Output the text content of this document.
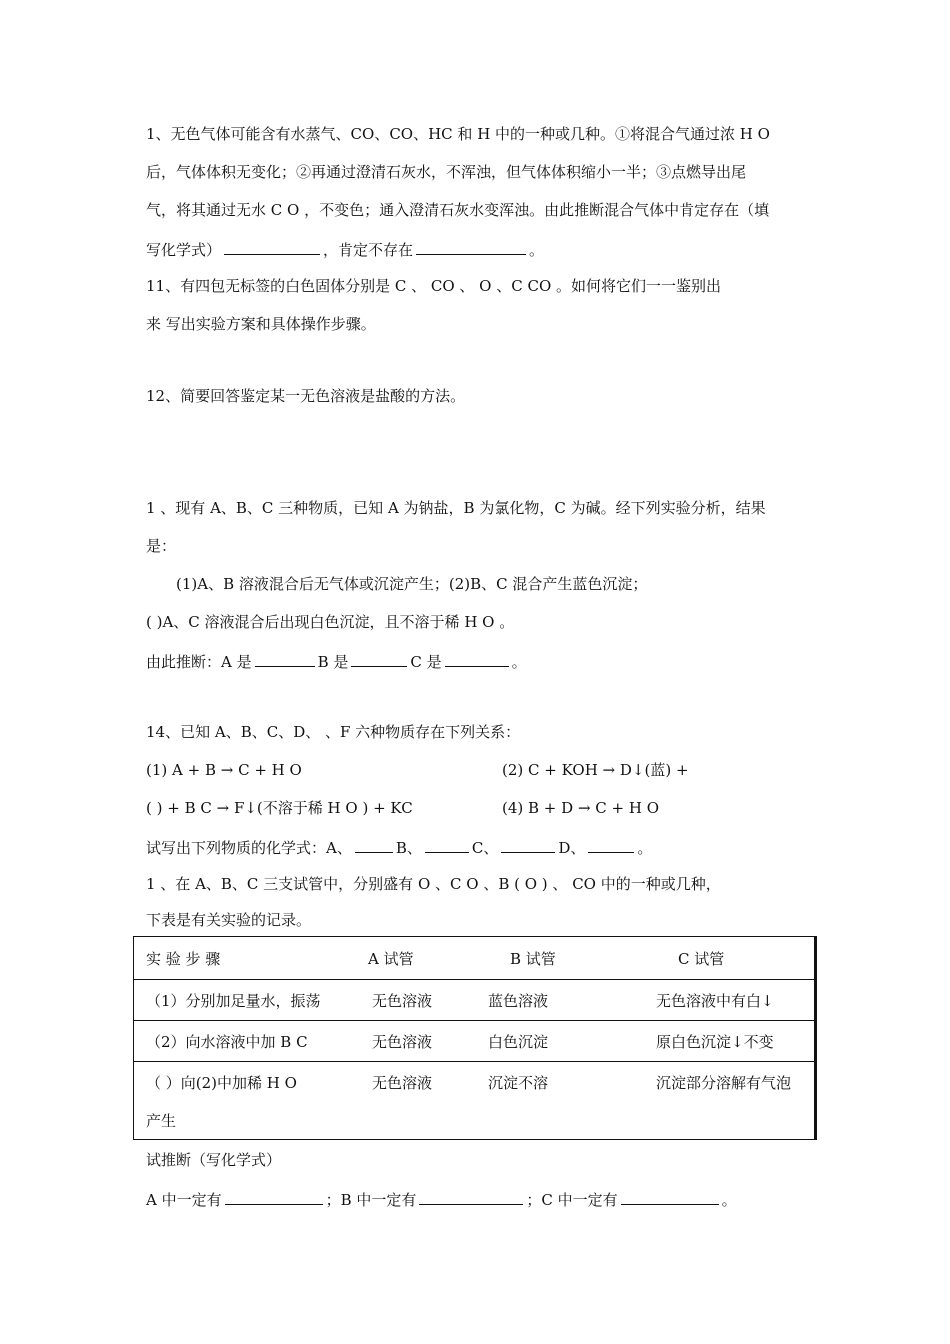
1、无色气体可能含有水蒸气、CO、CO、HC 和 H 中的一种或几种。①将混合气通过浓 H O
后，气体体积无变化；②再通过澄清石灰水，不浑浊，但气体体积缩小一半；③点燃导出尾
气，将其通过无水 C O ，不变色；通入澄清石灰水变浑浊。由此推断混合气体中肯定存在（填
写化学式）	，肯定不存在	。
11、有四包无标签的白色固体分别是 C 、 CO 、 O 、C CO 。如何将它们一一鉴别出
来 写出实验方案和具体操作步骤。
12、简要回答鉴定某一无色溶液是盐酸的方法。
1 、现有 A、B、C 三种物质，已知 A 为钠盐，B 为氯化物，C 为碱。经下列实验分析，结果
是：
(1)A、B 溶液混合后无气体或沉淀产生；(2)B、C 混合产生蓝色沉淀；
( )A、C 溶液混合后出现白色沉淀，且不溶于稀 H O 。
由此推断：A 是	B 是	C 是	。
14、已知 A、B、C、D、 、F 六种物质存在下列关系：
(1) A + B → C + H O	(2) C + KOH → D↓(蓝) +
( ) + B C → F↓(不溶于稀 H O ) + KC	(4) B + D → C + H O
试写出下列物质的化学式：A、	B、	C、	D、	。
1 、在 A、B、C 三支试管中，分别盛有 O 、C O 、B ( O ) 、 CO 中的一种或几种，
下表是有关实验的记录。
实 验 步 骤	A 试管	B 试管	C 试管
（1）分别加足量水，振荡	无色溶液	蓝色溶液	无色溶液中有白↓
（2）向水溶液中加 B C	无色溶液	白色沉淀	原白色沉淀↓不变
（ ）向(2)中加稀 H O	无色溶液	沉淀不溶	沉淀部分溶解有气泡
产生
试推断（写化学式）
A 中一定有	；B 中一定有	；C 中一定有	。
